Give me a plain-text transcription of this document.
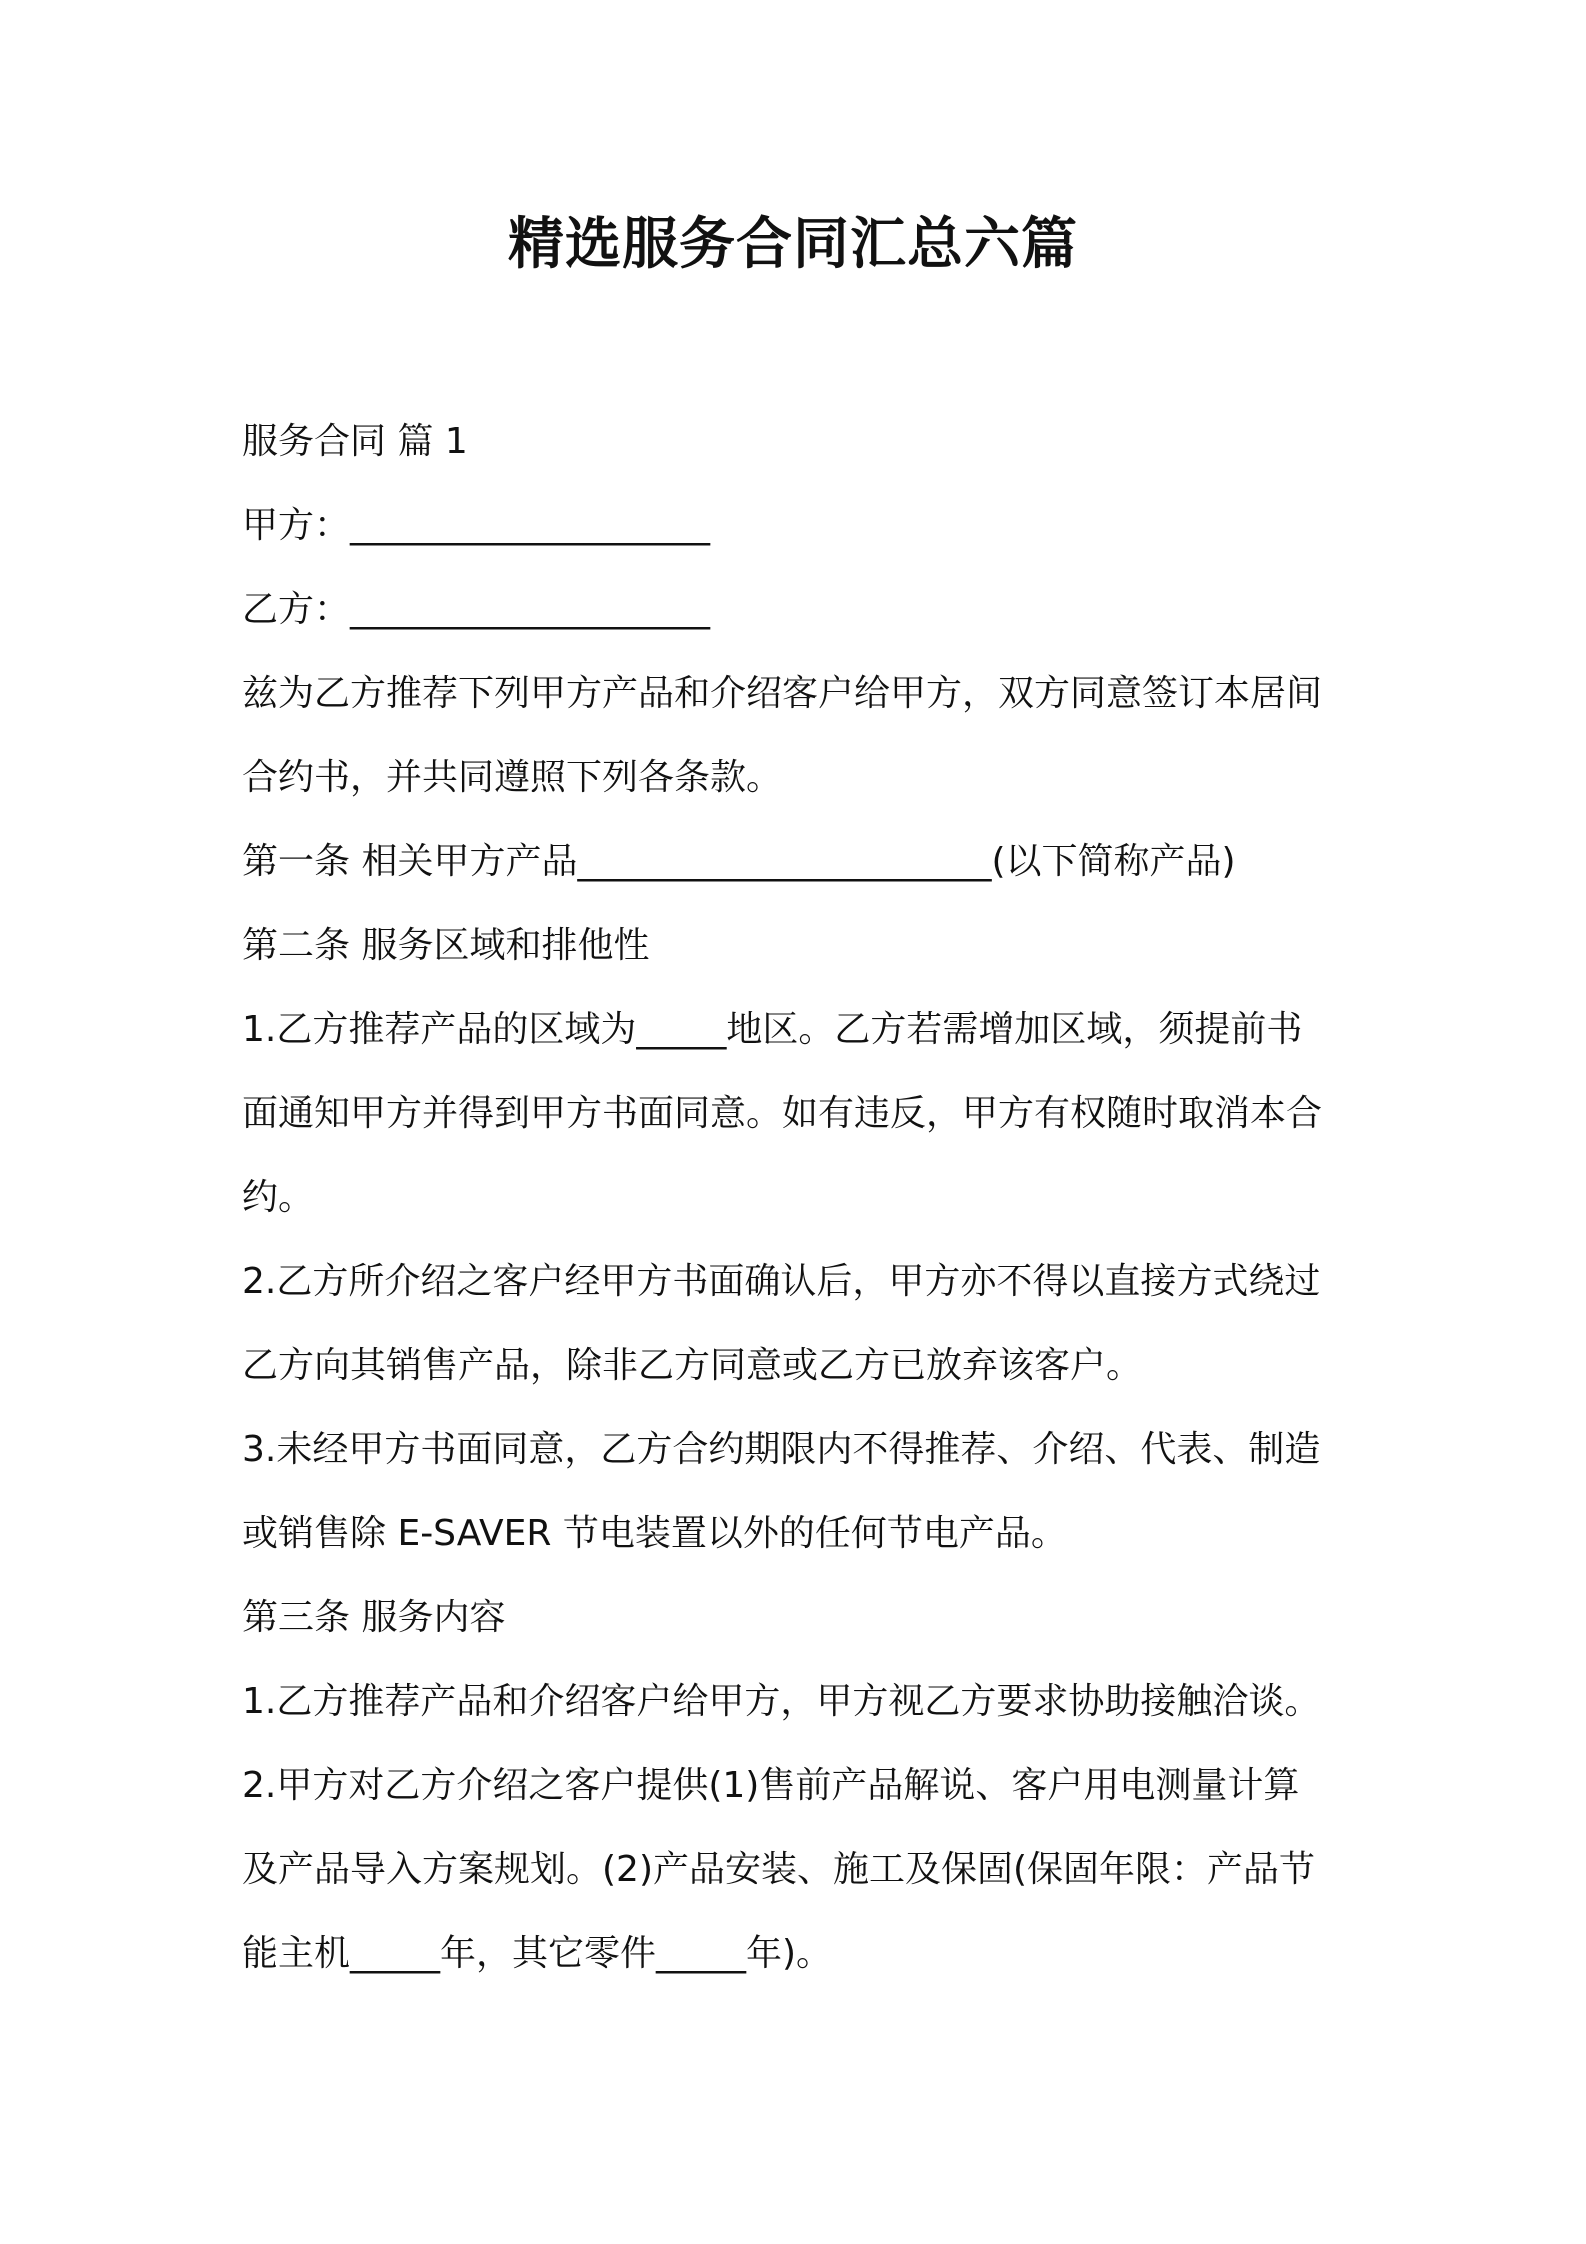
精选服务合同汇总六篇

服务合同 篇 1

甲方：____________________

乙方：____________________

兹为乙方推荐下列甲方产品和介绍客户给甲方，双方同意签订本居间

合约书，并共同遵照下列各条款。

第一条 相关甲方产品_______________________(以下简称产品)

第二条 服务区域和排他性

1.乙方推荐产品的区域为_____地区。乙方若需增加区域，须提前书

面通知甲方并得到甲方书面同意。如有违反，甲方有权随时取消本合

约。

2.乙方所介绍之客户经甲方书面确认后，甲方亦不得以直接方式绕过

乙方向其销售产品，除非乙方同意或乙方已放弃该客户。

3.未经甲方书面同意，乙方合约期限内不得推荐、介绍、代表、制造

或销售除 E-SAVER 节电装置以外的任何节电产品。

第三条 服务内容

1.乙方推荐产品和介绍客户给甲方，甲方视乙方要求协助接触洽谈。

2.甲方对乙方介绍之客户提供(1)售前产品解说、客户用电测量计算

及产品导入方案规划。(2)产品安装、施工及保固(保固年限：产品节

能主机_____年，其它零件_____年)。
